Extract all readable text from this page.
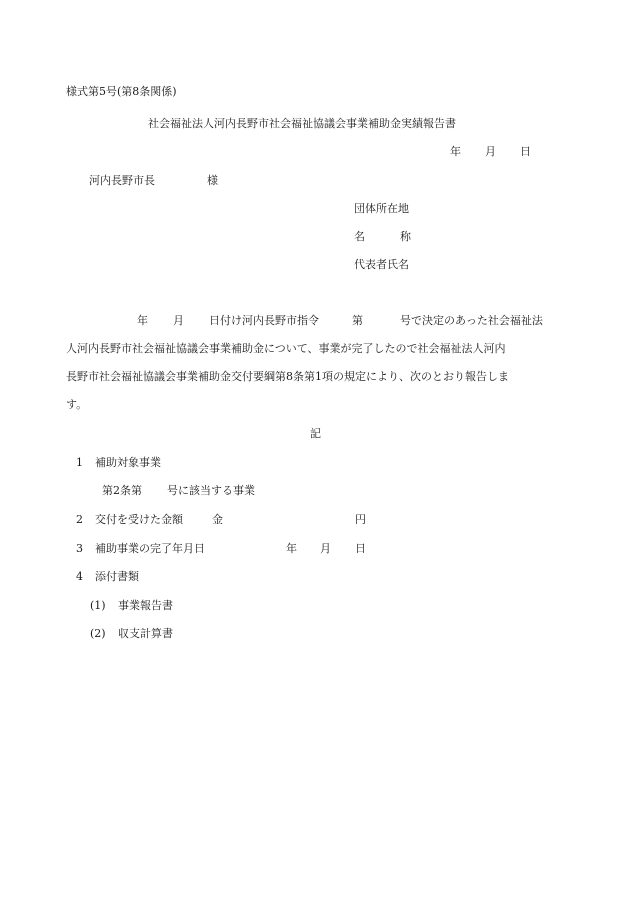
様式第5号(第8条関係)
社会福祉法人河内長野市社会福祉協議会事業補助金実績報告書
年 月 日
河内長野市長	様
団体所在地
名	称
代表者氏名
年 月 日付け河内長野市指令	第	号で決定のあった社会福祉法
人河内長野市社会福祉協議会事業補助金について、事業が完了したので社会福祉法人河内
長野市社会福祉協議会事業補助金交付要綱第8条第1項の規定により、次のとおり報告しま
す。
記
1 補助対象事業
第2条第 号に該当する事業
2 交付を受けた金額	金	円
3 補助事業の完了年月日	年 月 日
4 添付書類
(1) 事業報告書
(2) 収支計算書
